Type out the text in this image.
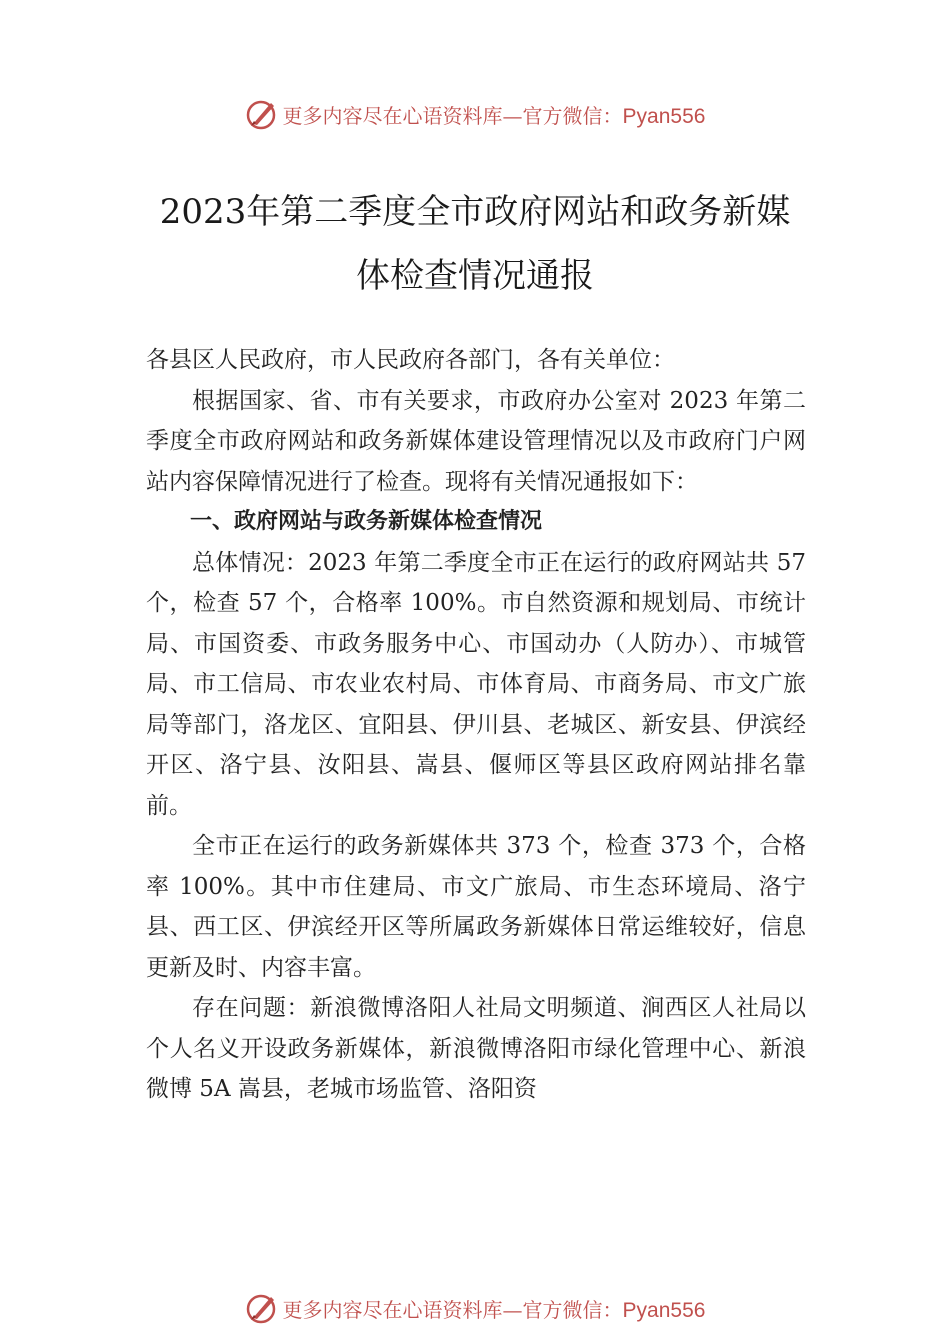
更多内容尽在心语资料库—官方微信：Pyan556
2023年第二季度全市政府网站和政务新媒
体检查情况通报

各县区人民政府，市人民政府各部门，各有关单位：

根据国家、省、市有关要求，市政府办公室对 2023 年第二季度全市政府网站和政务新媒体建设管理情况以及市政府门户网站内容保障情况进行了检查。现将有关情况通报如下：

一、政府网站与政务新媒体检查情况

总体情况：2023 年第二季度全市正在运行的政府网站共 57 个，检查 57 个，合格率 100%。市自然资源和规划局、市统计局、市国资委、市政务服务中心、市国动办（人防办）、市城管局、市工信局、市农业农村局、市体育局、市商务局、市文广旅局等部门，洛龙区、宜阳县、伊川县、老城区、新安县、伊滨经开区、洛宁县、汝阳县、嵩县、偃师区等县区政府网站排名靠前。

全市正在运行的政务新媒体共 373 个，检查 373 个，合格率 100%。其中市住建局、市文广旅局、市生态环境局、洛宁县、西工区、伊滨经开区等所属政务新媒体日常运维较好，信息更新及时、内容丰富。

存在问题：新浪微博洛阳人社局文明频道、涧西区人社局以个人名义开设政务新媒体，新浪微博洛阳市绿化管理中心、新浪微博 5A 嵩县，老城市场监管、洛阳资

更多内容尽在心语资料库—官方微信：Pyan556
